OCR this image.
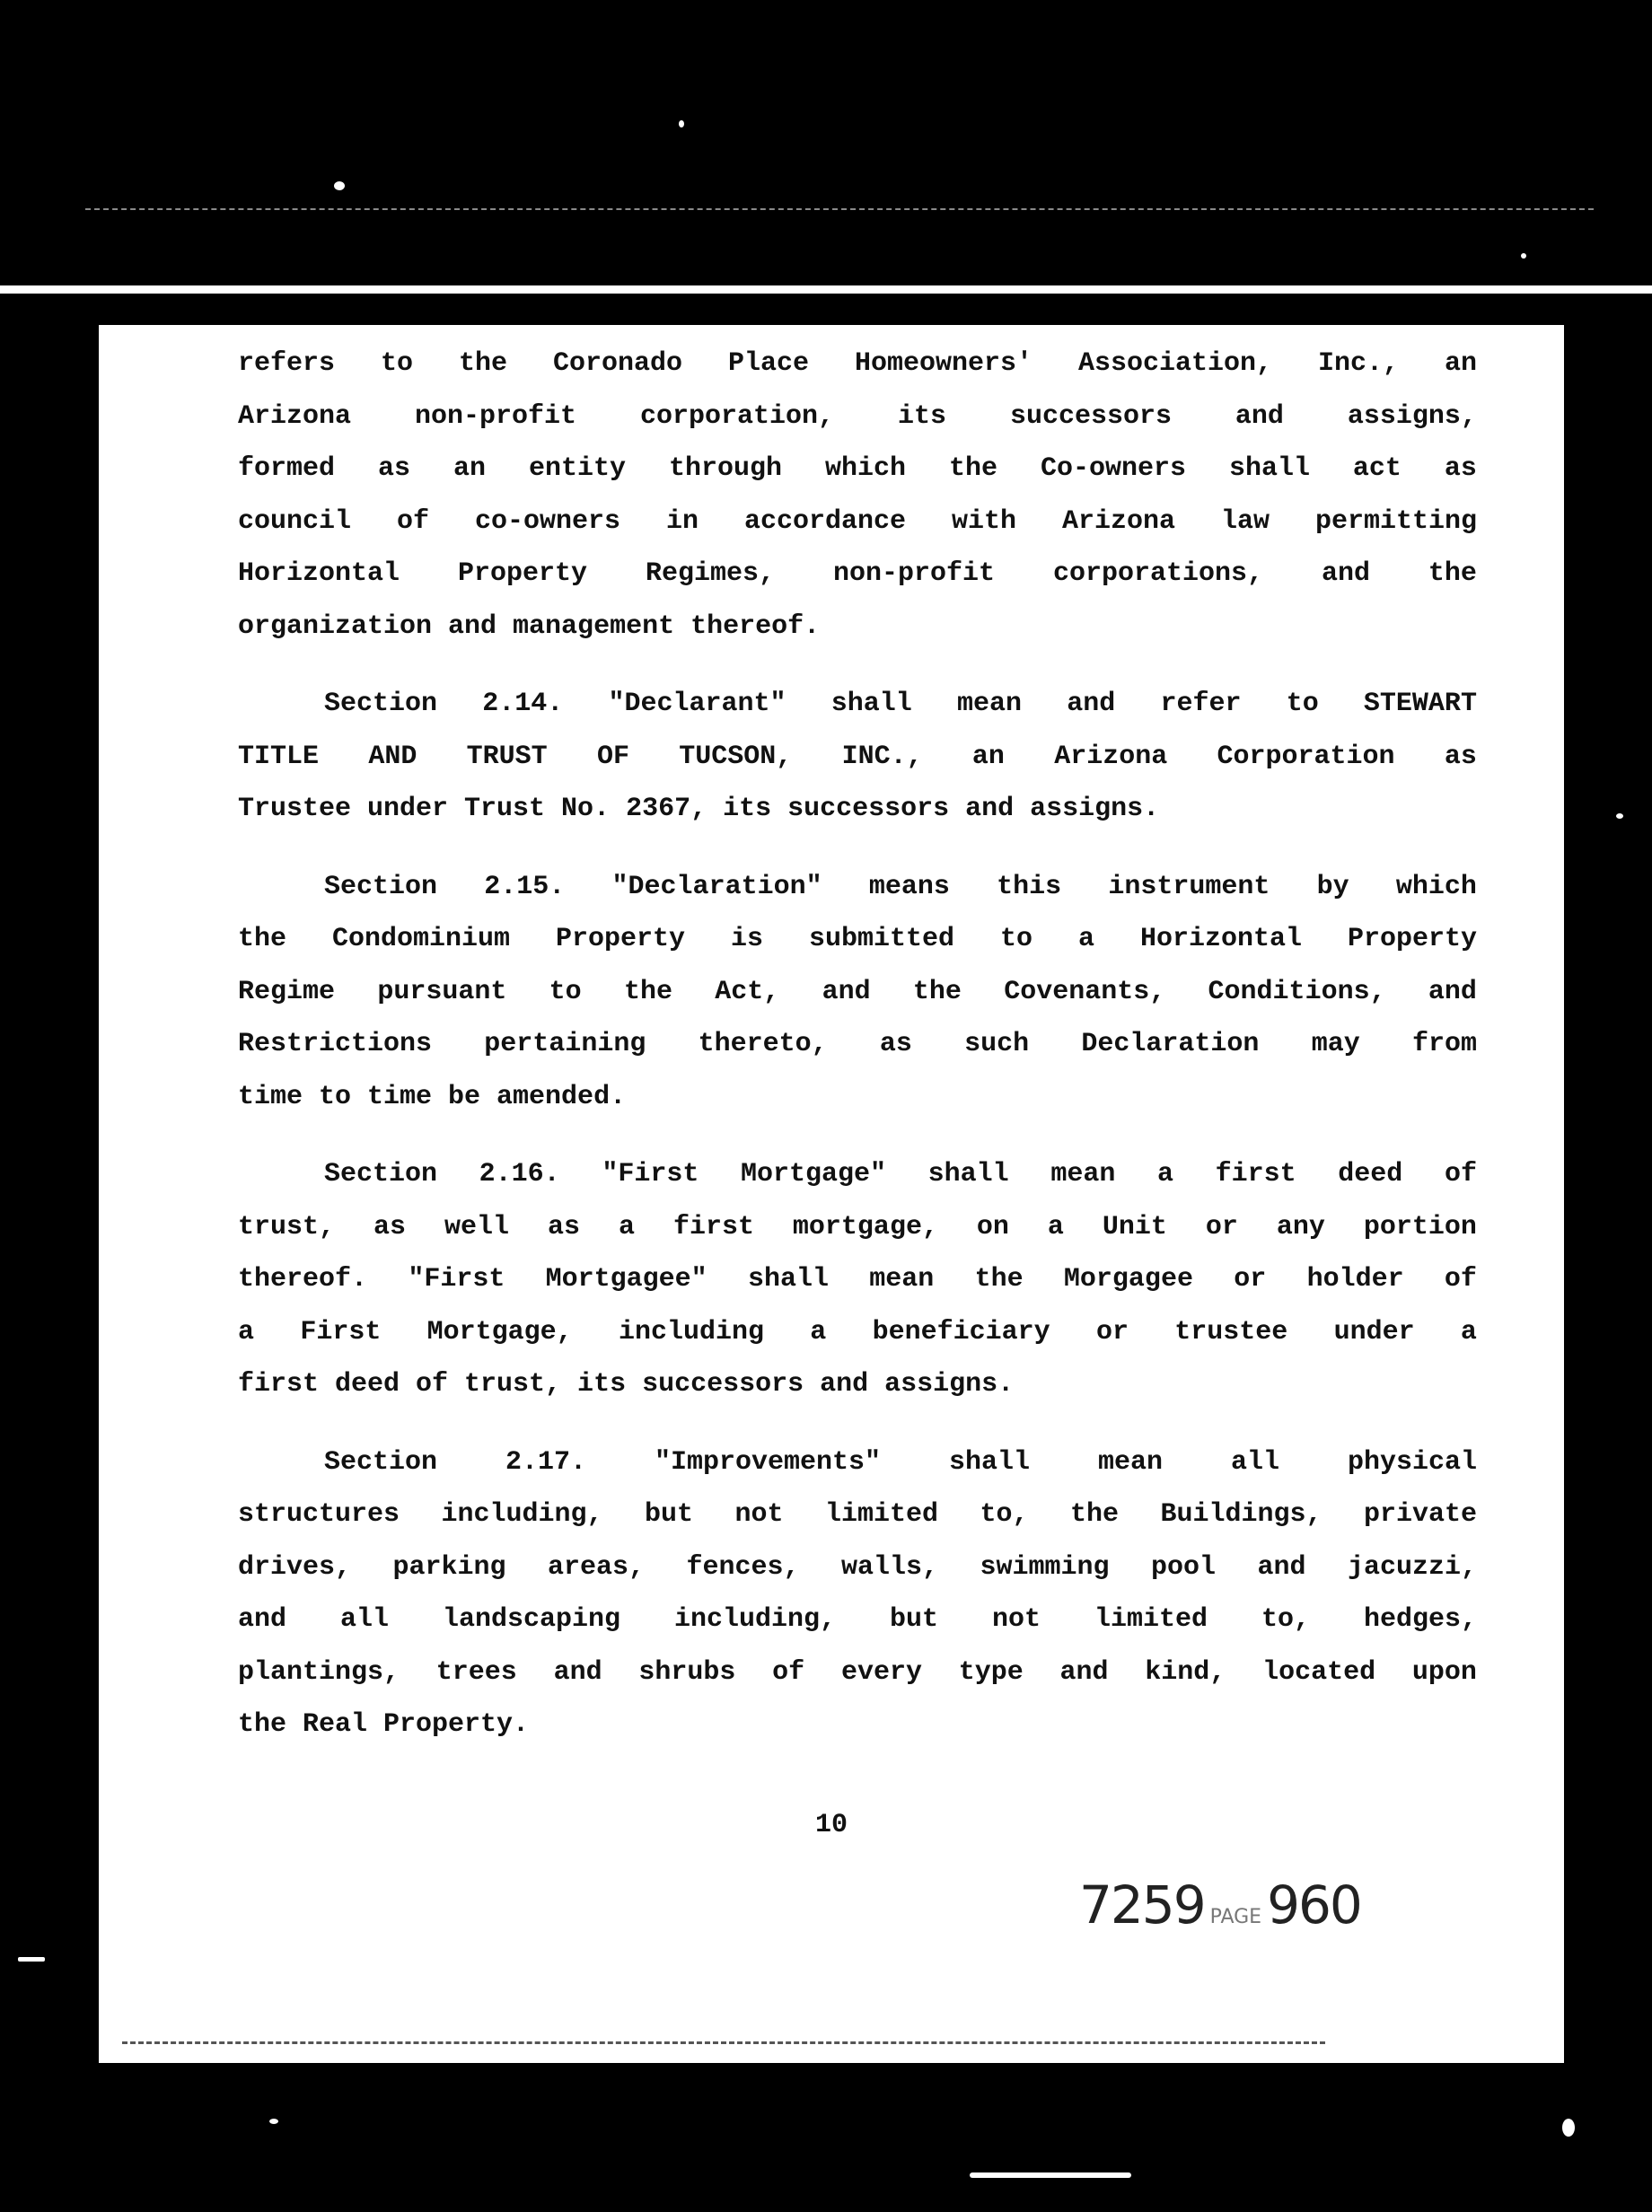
refers to the Coronado Place Homeowners' Association, Inc., an
Arizona non-profit corporation, its successors and assigns,
formed as an entity through which the Co-owners shall act as
council of co-owners in accordance with Arizona law permitting
Horizontal Property Regimes, non-profit corporations, and the
organization and management thereof.
Section 2.14. "Declarant" shall mean and refer to STEWART
TITLE AND TRUST OF TUCSON, INC., an Arizona Corporation as
Trustee under Trust No. 2367, its successors and assigns.
Section 2.15. "Declaration" means this instrument by which
the Condominium Property is submitted to a Horizontal Property
Regime pursuant to the Act, and the Covenants, Conditions, and
Restrictions pertaining thereto, as such Declaration may from
time to time be amended.
Section 2.16. "First Mortgage" shall mean a first deed of
trust, as well as a first mortgage, on a Unit or any portion
thereof. "First Mortgagee" shall mean the Morgagee or holder of
a First Mortgage, including a beneficiary or trustee under a
first deed of trust, its successors and assigns.
Section	2.17.	"Improvements"	shall	mean	all	physical
structures including, but not limited to, the Buildings, private
drives, parking areas, fences, walls, swimming pool and jacuzzi,
and all landscaping including, but not limited to, hedges,
plantings, trees and shrubs of every type and kind, located upon
the Real Property.
10
7259 PAGE 960
